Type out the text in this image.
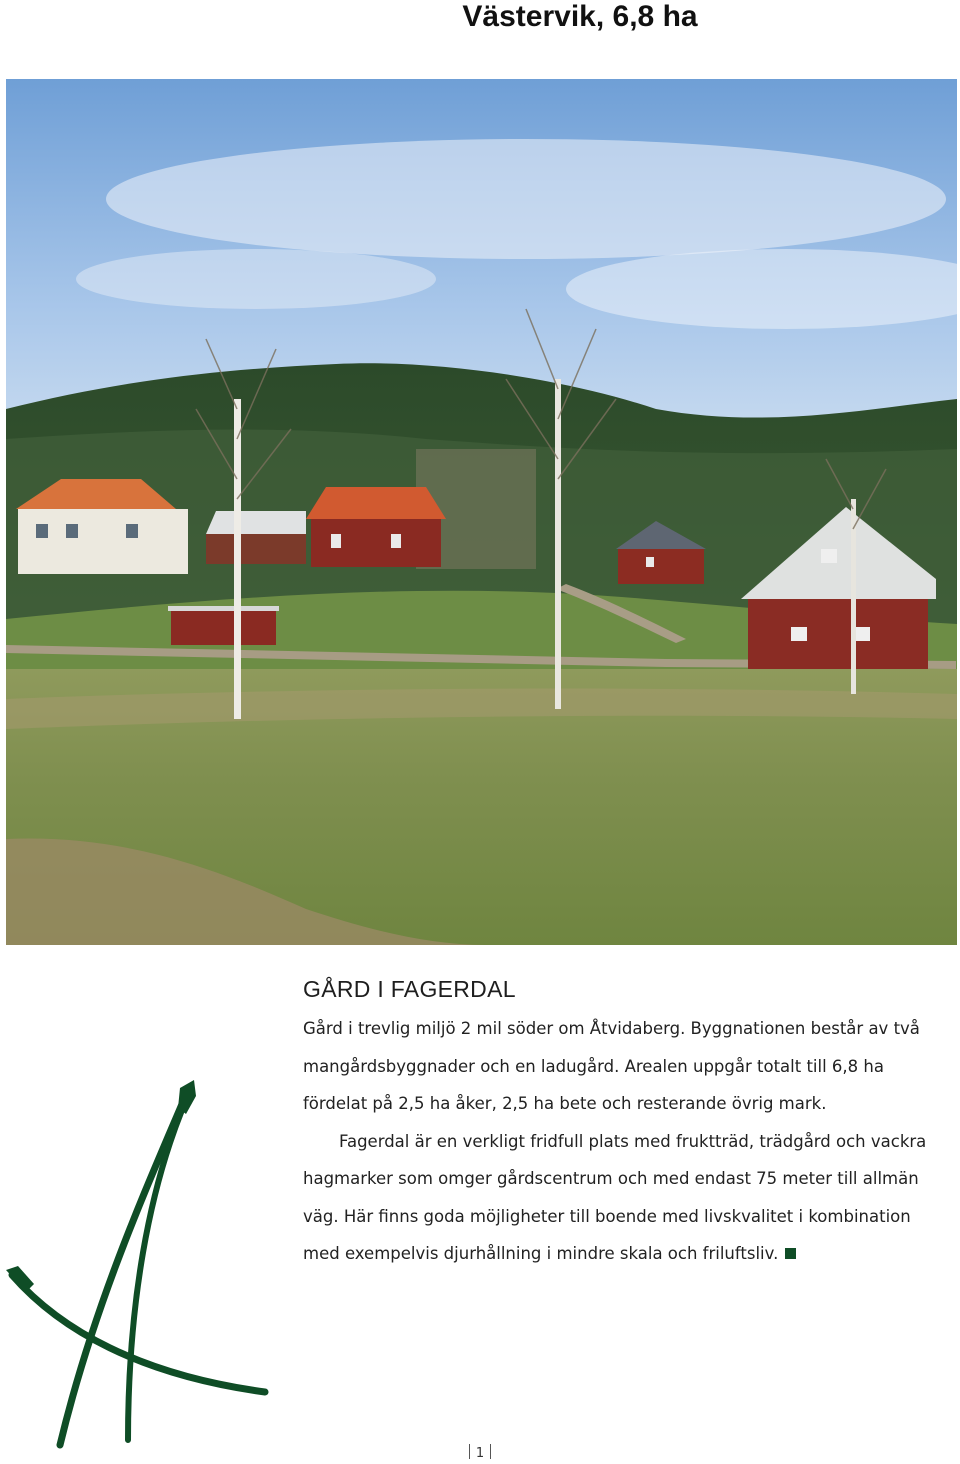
Västervik, 6,8 ha
GÅRD I FAGERDAL

Gård i trevlig miljö 2 mil söder om Åtvidaberg. Byggnationen består av två mangårdsbyggnader och en ladugård. Arealen uppgår totalt till 6,8 ha fördelat på 2,5 ha åker, 2,5 ha bete och resterande övrig mark.

Fagerdal är en verkligt fridfull plats med fruktträd, trädgård och vackra hagmarker som omger gårdscentrum och med endast 75 meter till allmän väg. Här finns goda möjligheter till boende med livskvalitet i kombination med exempelvis djurhållning i mindre skala och friluftsliv.

1
